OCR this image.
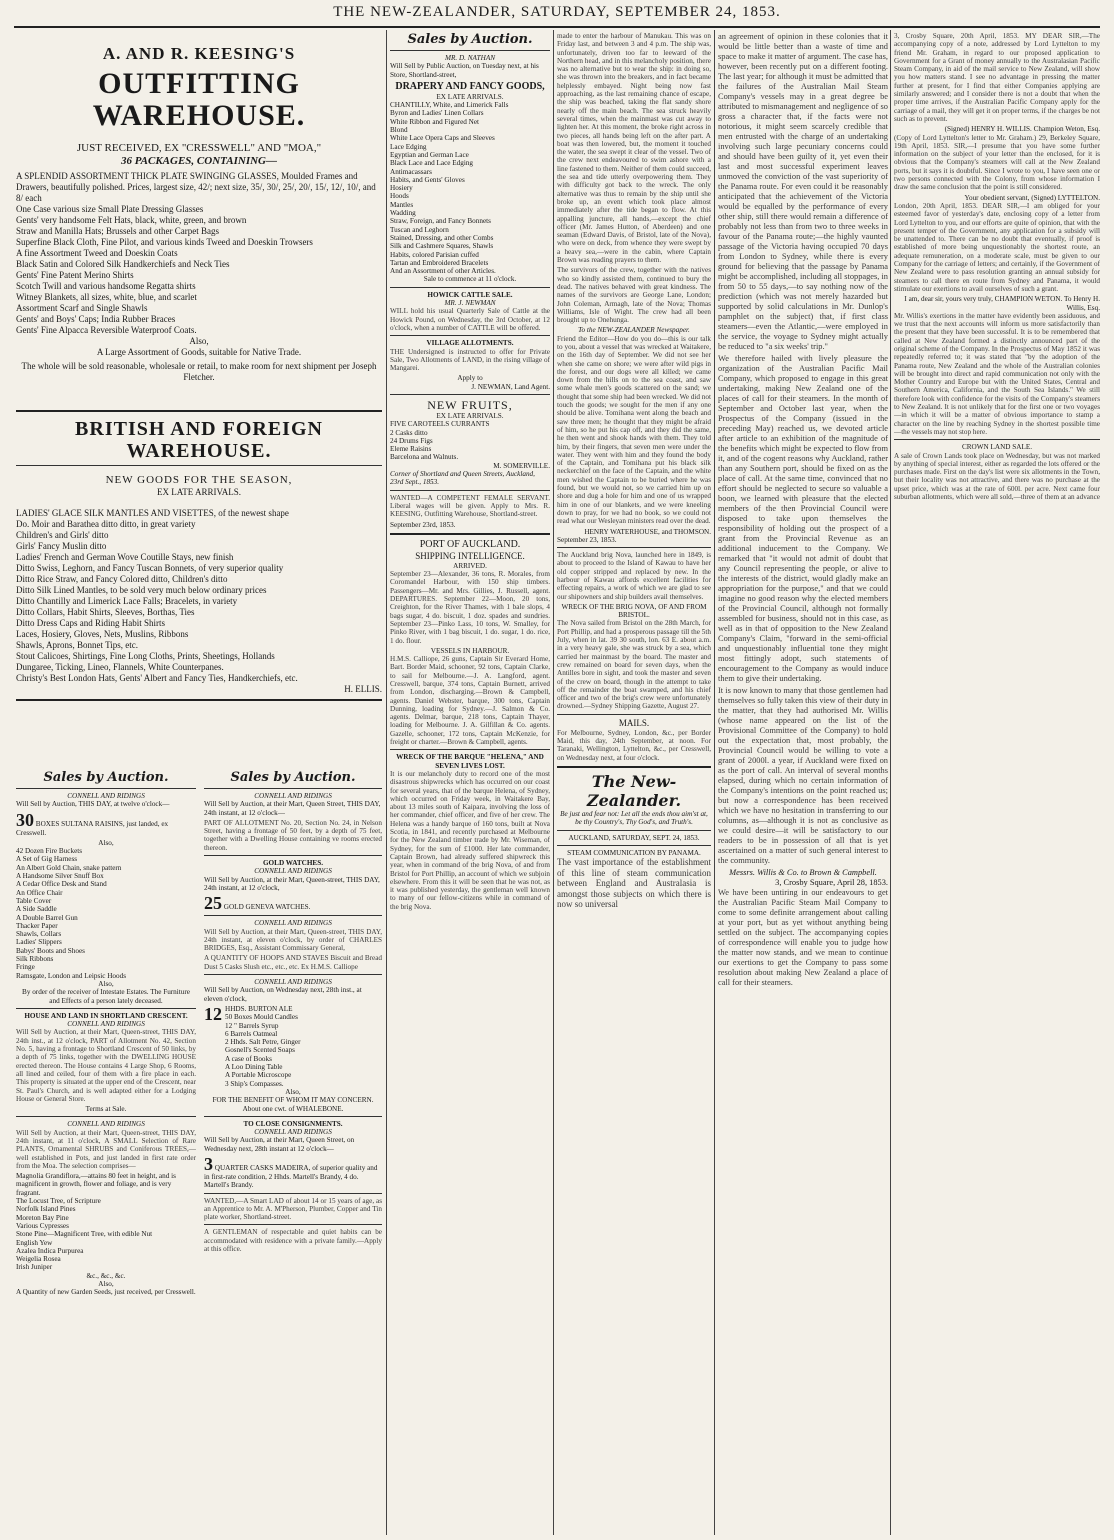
THE NEW-ZEALANDER, SATURDAY, SEPTEMBER 24, 1853.
A. AND R. KEESING'S
OUTFITTING WAREHOUSE.
JUST RECEIVED, EX "CRESSWELL" AND "MOA,"
36 PACKAGES, CONTAINING—
A SPLENDID ASSORTMENT THICK PLATE SWINGING GLASSES, Moulded Frames and Drawers, beautifully polished. Prices, largest size, 42/; next size, 35/, 30/, 25/, 20/, 15/, 12/, 10/, and 8/ each
One Case various size Small Plate Dressing Glasses
Gents' very handsome Felt Hats, black, white, green, and brown
Straw and Manilla Hats; Brussels and other Carpet Bags
Superfine Black Cloth, Fine Pilot, and various kinds Tweed and Doeskin Trowsers
A fine Assortment Tweed and Doeskin Coats
Black Satin and Colored Silk Handkerchiefs and Neck Ties
Gents' Fine Patent Merino Shirts
Scotch Twill and various handsome Regatta shirts
Witney Blankets, all sizes, white, blue, and scarlet
Assortment Scarf and Single Shawls
Gents' and Boys' Caps; India Rubber Braces
Gents' Fine Alpacca Reversible Waterproof Coats.
Also,
A Large Assortment of Goods, suitable for Native Trade.
The whole will be sold reasonable, wholesale or retail, to make room for next shipment per Joseph Fletcher.
BRITISH AND FOREIGN WAREHOUSE.
NEW GOODS FOR THE SEASON,
EX LATE ARRIVALS.
LADIES' GLACE SILK MANTLES AND VISETTES, of the newest shape
Do. Moir and Barathea ditto ditto, in great variety
Children's and Girls' ditto
Girls' Fancy Muslin ditto
Ladies' French and German Wove Coutille Stays, new finish
Ditto Swiss, Leghorn, and Fancy Tuscan Bonnets, of very superior quality
Ditto Rice Straw, and Fancy Colored ditto, Children's ditto
Ditto Silk Lined Mantles, to be sold very much below ordinary prices
Ditto Chantilly and Limerick Lace Falls; Bracelets, in variety
Ditto Collars, Habit Shirts, Sleeves, Borthas, Ties
Ditto Dress Caps and Riding Habit Shirts
Laces, Hosiery, Gloves, Nets, Muslins, Ribbons
Shawls, Aprons, Bonnet Tips, etc.
Stout Calicoes, Shirtings, Fine Long Cloths, Prints, Sheetings, Hollands
Dungaree, Ticking, Lineo, Flannels, White Counterpanes.
Christy's Best London Hats, Gents' Albert and Fancy Ties, Handkerchiefs, etc.
H. ELLIS.
Sales by Auction.
CONNELL AND RIDINGS

Will Sell by Auction, THIS DAY, at twelve o'clock—

30 BOXES SULTANA RAISINS, just landed, ex Cresswell.

Also,
42 Dozen Fire Buckets
A Set of Gig Harness
An Albert Gold Chain, snake pattern
A Handsome Silver Snuff Box
A Cedar Office Desk and Stand
An Office Chair
Table Cover
A Side Saddle
A Double Barrel Gun
Thacker Paper
Shawls, Collars
Ladies' Slippers
Babys' Boots and Shoes
Silk Ribbons
Fringe
Ramsgate, London and Leipsic Hoods
Also,

By order of the receiver of Intestate Estates. The Furniture and Effects of a person lately deceased.

HOUSE AND LAND IN SHORTLAND CRESCENT.
CONNELL AND RIDINGS

Will Sell by Auction, at their Mart, Queen-street, THIS DAY, 24th inst., at 12 o'clock, PART of Allotment No. 42, Section No. 5, having a frontage to Shortland Crescent of 50 links, by a depth of 75 links, together with the DWELLING HOUSE erected thereon. The House contains 4 Large Shop, 6 Rooms, all lined and ceiled, four of them with a fire place in each. This property is situated at the upper end of the Crescent, near St. Paul's Church, and is well adapted either for a Lodging House or General Store.

Terms at Sale.
CONNELL AND RIDINGS

Will Sell by Auction, at their Mart, Queen-street, THIS DAY, 24th instant, at 11 o'clock, A SMALL Selection of Rare PLANTS, Ornamental SHRUBS and Coniferous TREES,—well established in Pots, and just landed in first rate order from the Moa. The selection comprises—

Magnolia Grandiflora,—attains 80 feet in height, and is magnificent in growth, flower and foliage, and is very fragrant.
The Locust Tree, of Scripture
Norfolk Island Pines
Moreton Bay Pine
Various Cypresses
Stone Pine—Magnificent Tree, with edible Nut
English Yew
Azalea Indica Purpurea
Weigelia Rosea
Irish Juniper
&c., &c., &c.
Also,

A Quantity of new Garden Seeds, just received, per Cresswell.

Sales by Auction.
CONNELL AND RIDINGS

Will Sell by Auction, at their Mart, Queen Street, THIS DAY, 24th instant, at 12 o'clock—

PART OF ALLOTMENT No. 20, Section No. 24, in Nelson Street, having a frontage of 50 feet, by a depth of 75 feet, together with a Dwelling House containing ve rooms erected thereon.

GOLD WATCHES.
CONNELL AND RIDINGS

Will Sell by Auction, at their Mart, Queen-street, THIS DAY, 24th instant, at 12 o'clock,

25 GOLD GENEVA WATCHES.

CONNELL AND RIDINGS

Will Sell by Auction, at their Mart, Queen-street, THIS DAY, 24th instant, at eleven o'clock, by order of CHARLES BRIDGES, Esq., Assistant Commissary General,

A QUANTITY OF HOOPS AND STAVES Biscuit and Bread Dust 5 Casks Slush etc., etc., etc. Ex H.M.S. Calliope

CONNELL AND RIDINGS

Will Sell by Auction, on Wednesday next, 28th inst., at eleven o'clock,

12 HHDS. BURTON ALE
50 Boxes Mould Candles
12 " Barrels Syrup
6 Barrels Oatmeal
2 Hhds. Salt Petre, Ginger
Gosnell's Scented Soaps
A case of Books
A Loo Dining Table
A Portable Microscope
3 Ship's Compasses.
Also,

FOR THE BENEFIT OF WHOM IT MAY CONCERN. About one cwt. of WHALEBONE.

TO CLOSE CONSIGNMENTS.
CONNELL AND RIDINGS

Will Sell by Auction, at their Mart, Queen Street, on Wednesday next, 28th instant at 12 o'clock—

3 QUARTER CASKS MADEIRA, of superior quality and in first-rate condition, 2 Hhds. Martell's Brandy, 4 do. Martell's Brandy.

WANTED,—A Smart LAD of about 14 or 15 years of age, as an Apprentice to Mr. A. M'Pherson, Plumber, Copper and Tin plate worker, Shortland-street.

A GENTLEMAN of respectable and quiet habits can be accommodated with residence with a private family.—Apply at this office.

Sales by Auction.
MR. D. NATHAN

Will Sell by Public Auction, on Tuesday next, at his Store, Shortland-street,

DRAPERY AND FANCY GOODS,
EX LATE ARRIVALS.
CHANTILLY, White, and Limerick Falls
Byron and Ladies' Linen Collars
White Ribbon and Figured Net
Blond
White Lace Opera Caps and Sleeves
Lace Edging
Egyptian and German Lace
Black Lace and Lace Edging
Antimacassars
Habits, and Gents' Gloves
Hosiery
Hoods
Mantles
Wadding
Straw, Foreign, and Fancy Bonnets
Tuscan and Leghorn
Stained, Dressing, and other Combs
Silk and Cashmere Squares, Shawls
Habits, colored Parisian cuffed
Tartan and Embroidered Bracelets
And an Assortment of other Articles.
Sale to commence at 11 o'clock.
HOWICK CATTLE SALE.
MR. J. NEWMAN

WILL hold his usual Quarterly Sale of Cattle at the Howick Pound, on Wednesday, the 3rd October, at 12 o'clock, when a number of CATTLE will be offered.

VILLAGE ALLOTMENTS.

THE Undersigned is instructed to offer for Private Sale, Two Allotments of LAND, in the rising village of Mangarei.

Apply to
J. NEWMAN, Land Agent.
NEW FRUITS,
EX LATE ARRIVALS.
FIVE CAROTEELS CURRANTS
2 Casks ditto
24 Drums Figs
Eleme Raisins
Barcelona and Walnuts.
M. SOMERVILLE.

Corner of Shortland and Queen Streets, Auckland, 23rd Sept., 1853.

WANTED—A COMPETENT FEMALE SERVANT. Liberal wages will be given. Apply to Mrs. R. KEESING, Outfitting Warehouse, Shortland-street.

September 23rd, 1853.

PORT OF AUCKLAND.
SHIPPING INTELLIGENCE.
ARRIVED.

September 23—Alexander, 36 tons, R. Morales, from Coromandel Harbour, with 150 ship timbers. Passengers—Mr. and Mrs. Gillies, J. Russell, agent. DEPARTURES. September 22—Moon, 20 tons, Creighton, for the River Thames, with 1 bale slops, 4 bags sugar, 4 do. biscuit, 1 doz. spades and sundries. September 23—Pinko Lass, 10 tons, W. Smalley, for Pinko River, with 1 bag biscuit, 1 do. sugar, 1 do. rice, 1 do. flour.

VESSELS IN HARBOUR.

H.M.S. Calliope, 26 guns, Captain Sir Everard Home, Bart. Border Maid, schooner, 92 tons, Captain Clarke, to sail for Melbourne.—J. A. Langford, agent. Cresswell, barque, 374 tons, Captain Burnett, arrived from London, discharging.—Brown & Campbell, agents. Daniel Webster, barque, 300 tons, Captain Dunning, loading for Sydney.—J. Salmon & Co. agents. Delmar, barque, 218 tons, Captain Thayer, loading for Melbourne. J. A. Gilfillan & Co. agents. Gazelle, schooner, 172 tons, Captain McKenzie, for freight or charter.—Brown & Campbell, agents.

WRECK OF THE BARQUE "HELENA," AND SEVEN LIVES LOST.

It is our melancholy duty to record one of the most disastrous shipwrecks which has occurred on our coast for several years, that of the barque Helena, of Sydney, which occurred on Friday week, in Waitakere Bay, about 13 miles south of Kaipara, involving the loss of her commander, chief officer, and five of her crew. The Helena was a handy barque of 160 tons, built at Nova Scotia, in 1841, and recently purchased at Melbourne for the New Zealand timber trade by Mr. Wiseman, of Sydney, for the sum of £1000. Her late commander, Captain Brown, had already suffered shipwreck this year, when in command of the brig Nova, of and from Bristol for Port Phillip, an account of which we subjoin elsewhere. From this it will be seen that he was not, as it was published yesterday, the gentleman well known to many of our fellow-citizens while in command of the brig Nova.

made to enter the harbour of Manukau. This was on Friday last, and between 3 and 4 p.m. The ship was, unfortunately, driven too far to leeward of the Northern head, and in this melancholy position, there was no alternative but to wear the ship: in doing so, she was thrown into the breakers, and in fact became helplessly embayed. Night being now fast approaching, as the last remaining chance of escape, the ship was beached, taking the flat sandy shore nearly off the main beach. The sea struck heavily several times, when the mainmast was cut away to lighten her. At this moment, the broke right across in two pieces, all hands being left on the after part. A boat was then lowered, but, the moment it touched the water, the sea swept it clear of the vessel. Two of the crew next endeavoured to swim ashore with a line fastened to them. Neither of them could succeed, the sea and tide utterly overpowering them. They with difficulty got back to the wreck. The only alternative was thus to remain by the ship until she broke up, an event which took place almost immediately after the tide began to flow. At this appalling juncture, all hands,—except the chief officer (Mr. James Hutton, of Aberdeen) and one seaman (Edward Davis, of Bristol, late of the Nova), who were on deck, from whence they were swept by a heavy sea,—were in the cabin, where Captain Brown was reading prayers to them.

The survivors of the crew, together with the natives who so kindly assisted them, continued to bury the dead. The natives behaved with great kindness. The names of the survivors are George Lane, London; John Coleman, Armagh, late of the Nova; Thomas Williams, Isle of Wight. The crew had all been brought up to Onehunga.

To the NEW-ZEALANDER Newspaper.

Friend the Editor—How do you do—this is our talk to you, about a vessel that was wrecked at Waitakere, on the 16th day of September. We did not see her when she came on shore; we were after wild pigs in the forest, and our dogs were all killed; we came down from the hills on to the sea coast, and saw some whale men's goods scattered on the sand; we thought that some ship had been wrecked. We did not touch the goods; we sought for the men if any one should be alive. Tomihana went along the beach and saw three men; he thought that they might be afraid of him, so he put his cap off, and they did the same, he then went and shook hands with them. They told him, by their fingers, that seven men were under the water. They went with him and they found the body of the Captain, and Tomihana put his black silk neckerchief on the face of the Captain, and the white men wished the Captain to be buried where he was found, but we would not, so we carried him up on shore and dug a hole for him and one of us wrapped him in one of our blankets, and we were kneeling down to pray, for we had no book, so we could not read what our Wesleyan ministers read over the dead.

HENRY WATERHOUSE, and THOMSON.
September 23, 1853.

The Auckland brig Nova, launched here in 1849, is about to proceed to the Island of Kawau to have her old copper stripped and replaced by new. In the harbour of Kawau affords excellent facilities for effecting repairs, a work of which we are glad to see our shipowners and ship builders avail themselves.

WRECK OF THE BRIG NOVA, OF AND FROM BRISTOL.

The Nova sailed from Bristol on the 28th March, for Port Phillip, and had a prosperous passage till the 5th July, when in lat. 39 30 south, lon. 63 E. about a.m. in a very heavy gale, she was struck by a sea, which carried her mainmast by the board. The master and crew remained on board for seven days, when the Antilles bore in sight, and took the master and seven of the crew on board, though in the attempt to take off the remainder the boat swamped, and his chief officer and two of the brig's crew were unfortunately drowned.—Sydney Shipping Gazette, August 27.

MAILS.

For Melbourne, Sydney, London, &c., per Border Maid, this day, 24th September, at noon. For Taranaki, Wellington, Lyttelton, &c., per Cresswell, on Wednesday next, at four o'clock.

The New-Zealander.
Be just and fear not: Let all the ends thou aim'st at, be thy Country's, Thy God's, and Truth's.
AUCKLAND, SATURDAY, SEPT. 24, 1853.
STEAM COMMUNICATION BY PANAMA.

The vast importance of the establishment of this line of steam communication between England and Australasia is amongst those subjects on which there is now so universal

an agreement of opinion in these colonies that it would be little better than a waste of time and space to make it matter of argument. The case has, however, been recently put on a different footing. The last year; for although it must be admitted that the failures of the Australian Mail Steam Company's vessels may in a great degree be attributed to mismanagement and negligence of so gross a character that, if the facts were not notorious, it might seem scarcely credible that men entrusted with the charge of an undertaking involving such large pecuniary concerns could and should have been guilty of it, yet even their last and most successful experiment leaves unmoved the conviction of the vast superiority of the Panama route. For even could it be reasonably anticipated that the achievement of the Victoria would be equalled by the performance of every other ship, still there would remain a difference of probably not less than from two to three weeks in favour of the Panama route;—the highly vaunted passage of the Victoria having occupied 70 days from London to Sydney, while there is every ground for believing that the passage by Panama might be accomplished, including all stoppages, in from 50 to 55 days,—to say nothing now of the prediction (which was not merely hazarded but supported by solid calculations in Mr. Dunlop's pamphlet on the subject) that, if first class steamers—even the Atlantic,—were employed in the service, the voyage to Sydney might actually be reduced to "a six weeks' trip."

We therefore hailed with lively pleasure the organization of the Australian Pacific Mail Company, which proposed to engage in this great undertaking, making New Zealand one of the places of call for their steamers. In the month of September and October last year, when the Prospectus of the Company (issued in the preceding May) reached us, we devoted article after article to an exhibition of the magnitude of the benefits which might be expected to flow from it, and of the cogent reasons why Auckland, rather than any Southern port, should be fixed on as the place of call. At the same time, convinced that no effort should be neglected to secure so valuable a boon, we learned with pleasure that the elected members of the then Provincial Council were disposed to take upon themselves the responsibility of holding out the prospect of a grant from the Provincial Revenue as an additional inducement to the Company. We remarked that "it would not admit of doubt that any Council representing the people, or alive to the interests of the district, would gladly make an appropriation for the purpose," and that we could imagine no good reason why the elected members of the Provincial Council, although not formally assembled for business, should not in this case, as well as in that of opposition to the New Zealand Company's Claim, "forward in the semi-official and unquestionably influential tone they might most fittingly adopt, such statements of encouragement to the Company as would induce them to give their undertaking.

It is now known to many that those gentlemen had themselves so fully taken this view of their duty in the matter, that they had authorised Mr. Willis (whose name appeared on the list of the Provisional Committee of the Company) to hold out the expectation that, most probably, the Provincial Council would be willing to vote a grant of 2000l. a year, if Auckland were fixed on as the port of call. An interval of several months elapsed, during which no certain information of the Company's intentions on the point reached us; but now a correspondence has been received which we have no hesitation in transferring to our columns, as—although it is not as conclusive as we could desire—it will be satisfactory to our readers to be in possession of all that is yet ascertained on a matter of such general interest to the community.

Messrs. Willis & Co. to Brown & Campbell.
3, Crosby Square, April 28, 1853.

We have been untiring in our endeavours to get the Australian Pacific Steam Mail Company to come to some definite arrangement about calling at your port, but as yet without anything being settled on the subject. The accompanying copies of correspondence will enable you to judge how the matter now stands, and we mean to continue our exertions to get the Company to pass some resolution about making New Zealand a place of call for their steamers.

3, Crosby Square, 20th April, 1853. MY DEAR SIR,—The accompanying copy of a note, addressed by Lord Lyttelton to my friend Mr. Graham, in regard to our proposed application to Government for a Grant of money annually to the Australasian Pacific Steam Company, in aid of the mail service to New Zealand, will show you how matters stand. I see no advantage in pressing the matter further at present, for I find that either Companies applying are similarly answered; and I consider there is not a doubt that when the proper time arrives, if the Australian Pacific Company apply for the carriage of a mail, they will get it on proper terms, if the charges be not such as to prevent.

(Signed) HENRY H. WILLIS. Champion Weton, Esq.

(Copy of Lord Lyttelton's letter to Mr. Graham.) 29, Berkeley Square, 19th April, 1853. SIR,—I presume that you have some further information on the subject of your letter than the enclosed, for it is obvious that the Company's steamers will call at the New Zealand ports, but it says it is doubtful. Since I wrote to you, I have seen one or two persons connected with the Colony, from whose information I draw the same conclusion that the point is still considered.

Your obedient servant, (Signed) LYTTELTON.

London, 20th April, 1853. DEAR SIR,—I am obliged for your esteemed favor of yesterday's date, enclosing copy of a letter from Lord Lyttelton to you, and our efforts are quite of opinion, that with the present temper of the Government, any application for a subsidy will be unattended to. There can be no doubt that eventually, if proof is established of more being unquestionably the shortest route, an adequate remuneration, on a moderate scale, must be given to our Company for the carriage of letters; and certainly, if the Government of New Zealand were to pass resolution granting an annual subsidy for steamers to call there en route from Sydney and Panama, it would stimulate our exertions to avail ourselves of such a grant.

I am, dear sir, yours very truly, CHAMPION WETON. To Henry H. Willis, Esq.

Mr. Willis's exertions in the matter have evidently been assiduous, and we trust that the next accounts will inform us more satisfactorily than the present that they have been successful. It is to be remembered that called at New Zealand formed a distinctly announced part of the original scheme of the Company. In the Prospectus of May 1852 it was repeatedly referred to; it was stated that "by the adoption of the Panama route, New Zealand and the whole of the Australian colonies will be brought into direct and rapid communication not only with the Mother Country and Europe but with the United States, Central and Southern America, California, and the South Sea Islands." We still therefore look with confidence for the visits of the Company's steamers to New Zealand. It is not unlikely that for the first one or two voyages—in which it will be a matter of obvious importance to stamp a character on the line by reaching Sydney in the shortest possible time—the vessels may not stop here.

CROWN LAND SALE.

A sale of Crown Lands took place on Wednesday, but was not marked by anything of special interest, either as regarded the lots offered or the purchases made. First on the day's list were six allotments in the Town, but their locality was not attractive, and there was no purchase at the upset price, which was at the rate of 600l. per acre. Next came four suburban allotments, which were all sold,—three of them at an advance
